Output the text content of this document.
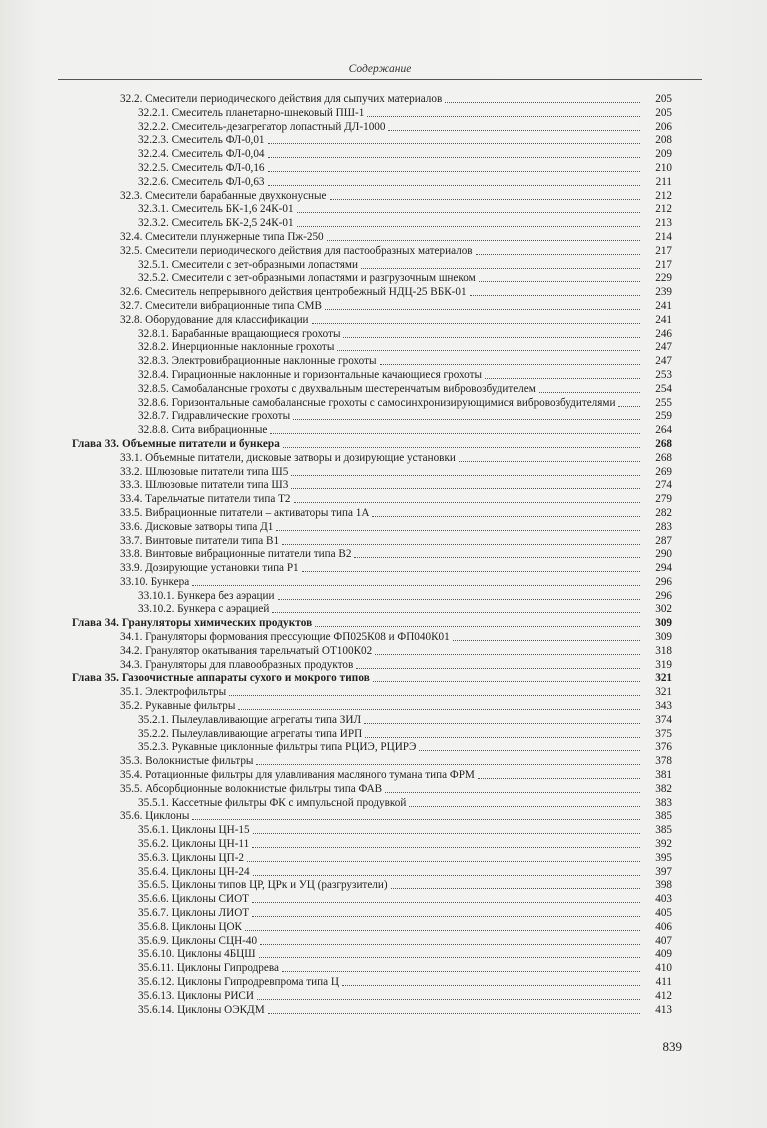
Содержание
32.2. Смесители периодического действия для сыпучих материалов	205
32.2.1. Смеситель планетарно-шнековый ПШ-1	205
32.2.2. Смеситель-дезагрегатор лопастный ДЛ-1000	206
32.2.3. Смеситель ФЛ-0,01	208
32.2.4. Смеситель ФЛ-0,04	209
32.2.5. Смеситель ФЛ-0,16	210
32.2.6. Смеситель ФЛ-0,63	211
32.3. Смесители барабанные двухконусные	212
32.3.1. Смеситель БК-1,6 24К-01	212
32.3.2. Смеситель БК-2,5 24К-01	213
32.4. Смесители плунжерные типа Пж-250	214
32.5. Смесители периодического действия для пастообразных материалов	217
32.5.1. Смесители с зет-образными лопастями	217
32.5.2. Смесители с зет-образными лопастями и разгрузочным шнеком	229
32.6. Смеситель непрерывного действия центробежный НДЦ-25 ВБК-01	239
32.7. Смесители вибрационные типа СМВ	241
32.8. Оборудование для классификации	241
32.8.1. Барабанные вращающиеся грохоты	246
32.8.2. Инерционные наклонные грохоты	247
32.8.3. Электровибрационные наклонные грохоты	247
32.8.4. Гирационные наклонные и горизонтальные качающиеся грохоты	253
32.8.5. Самобалансные грохоты с двухвальным шестеренчатым вибровозбудителем	254
32.8.6. Горизонтальные самобалансные грохоты с самосинхронизирующимися вибровозбудителями	255
32.8.7. Гидравлические грохоты	259
32.8.8. Сита вибрационные	264
Глава 33. Объемные питатели и бункера	268
33.1. Объемные питатели, дисковые затворы и дозирующие установки	268
33.2. Шлюзовые питатели типа Ш5	269
33.3. Шлюзовые питатели типа Ш3	274
33.4. Тарельчатые питатели типа Т2	279
33.5. Вибрационные питатели – активаторы типа 1А	282
33.6. Дисковые затворы типа Д1	283
33.7. Винтовые питатели типа В1	287
33.8. Винтовые вибрационные питатели типа В2	290
33.9. Дозирующие установки типа Р1	294
33.10. Бункера	296
33.10.1. Бункера без аэрации	296
33.10.2. Бункера с аэрацией	302
Глава 34. Грануляторы химических продуктов	309
34.1. Грануляторы формования прессующие ФП025К08 и ФП040К01	309
34.2. Гранулятор окатывания тарельчатый ОТ100К02	318
34.3. Грануляторы для плавообразных продуктов	319
Глава 35. Газоочистные аппараты сухого и мокрого типов	321
35.1. Электрофильтры	321
35.2. Рукавные фильтры	343
35.2.1. Пылеулавливающие агрегаты типа ЗИЛ	374
35.2.2. Пылеулавливающие агрегаты типа ИРП	375
35.2.3. Рукавные циклонные фильтры типа РЦИЭ, РЦИРЭ	376
35.3. Волокнистые фильтры	378
35.4. Ротационные фильтры для улавливания масляного тумана типа ФРМ	381
35.5. Абсорбционные волокнистые фильтры типа ФАВ	382
35.5.1. Кассетные фильтры ФК с импульсной продувкой	383
35.6. Циклоны	385
35.6.1. Циклоны ЦН-15	385
35.6.2. Циклоны ЦН-11	392
35.6.3. Циклоны ЦП-2	395
35.6.4. Циклоны ЦН-24	397
35.6.5. Циклоны типов ЦР, ЦРк и УЦ (разгрузители)	398
35.6.6. Циклоны СИОТ	403
35.6.7. Циклоны ЛИОТ	405
35.6.8. Циклоны ЦОК	406
35.6.9. Циклоны СЦН-40	407
35.6.10. Циклоны 4БЦШ	409
35.6.11. Циклоны Гипродрева	410
35.6.12. Циклоны Гипродревпрома типа Ц	411
35.6.13. Циклоны РИСИ	412
35.6.14. Циклоны ОЭКДМ	413
839
